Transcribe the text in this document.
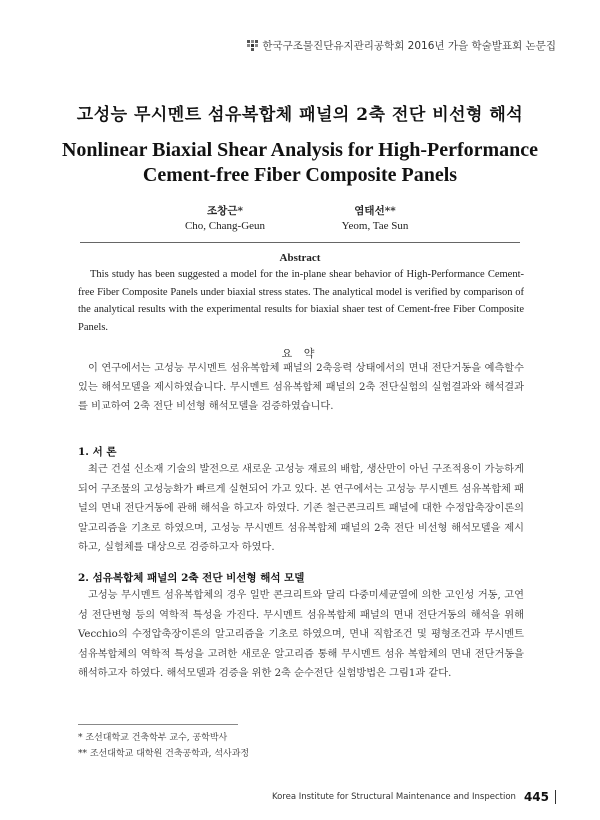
한국구조물진단유지관리공학회 2016년 가을 학술발표회 논문집
고성능 무시멘트 섬유복합체 패널의 2축 전단 비선형 해석
Nonlinear Biaxial Shear Analysis for High-Performance
Cement-free Fiber Composite Panels
조창근*	염태선**
Cho, Chang-Geun	Yeom, Tae Sun
Abstract

This study has been suggested a model for the in-plane shear behavior of High-Performance Cement-free Fiber Composite Panels under biaxial stress states. The analytical model is verified by comparison of the analytical results with the experimental results for biaxial shaer test of Cement-free Fiber Composite Panels.

요 약

이 연구에서는 고성능 무시멘트 섬유복합체 패널의 2축응력 상태에서의 면내 전단거동을 예측할수 있는 해석모델을 제시하였습니다. 무시멘트 섬유복합체 패널의 2축 전단실험의 실험결과와 해석결과를 비교하여 2축 전단 비선형 해석모델을 검증하였습니다.

1. 서 론

최근 건설 신소재 기술의 발전으로 새로운 고성능 재료의 배합, 생산만이 아닌 구조적용이 가능하게 되어 구조물의 고성능화가 빠르게 실현되어 가고 있다. 본 연구에서는 고성능 무시멘트 섬유복합체 패널의 면내 전단거동에 관해 해석을 하고자 하였다. 기존 철근콘크리트 패널에 대한 수정압축장이론의 알고리즘을 기초로 하였으며, 고성능 무시멘트 섬유복합체 패널의 2축 전단 비선형 해석모델을 제시하고, 실험체를 대상으로 검증하고자 하였다.

2. 섬유복합체 패널의 2축 전단 비선형 해석 모델

고성능 무시멘트 섬유복합체의 경우 일반 콘크리트와 달리 다중미세균열에 의한 고인성 거동, 고연성 전단변형 등의 역학적 특성을 가진다. 무시멘트 섬유복합체 패널의 면내 전단거동의 해석을 위해 Vecchio의 수정압축장이론의 알고리즘을 기초로 하였으며, 면내 직합조건 및 평형조건과 무시멘트 섬유복합체의 역학적 특성을 고려한 새로운 알고리즘 통해 무시멘트 섬유 복합체의 면내 전단거동을 해석하고자 하였다. 해석모델과 검증을 위한 2축 순수전단 실험방법은 그림1과 같다.

* 조선대학교 건축학부 교수, 공학박사
** 조선대학교 대학원 건축공학과, 석사과정
Korea Institute for Structural Maintenance and Inspection 445
